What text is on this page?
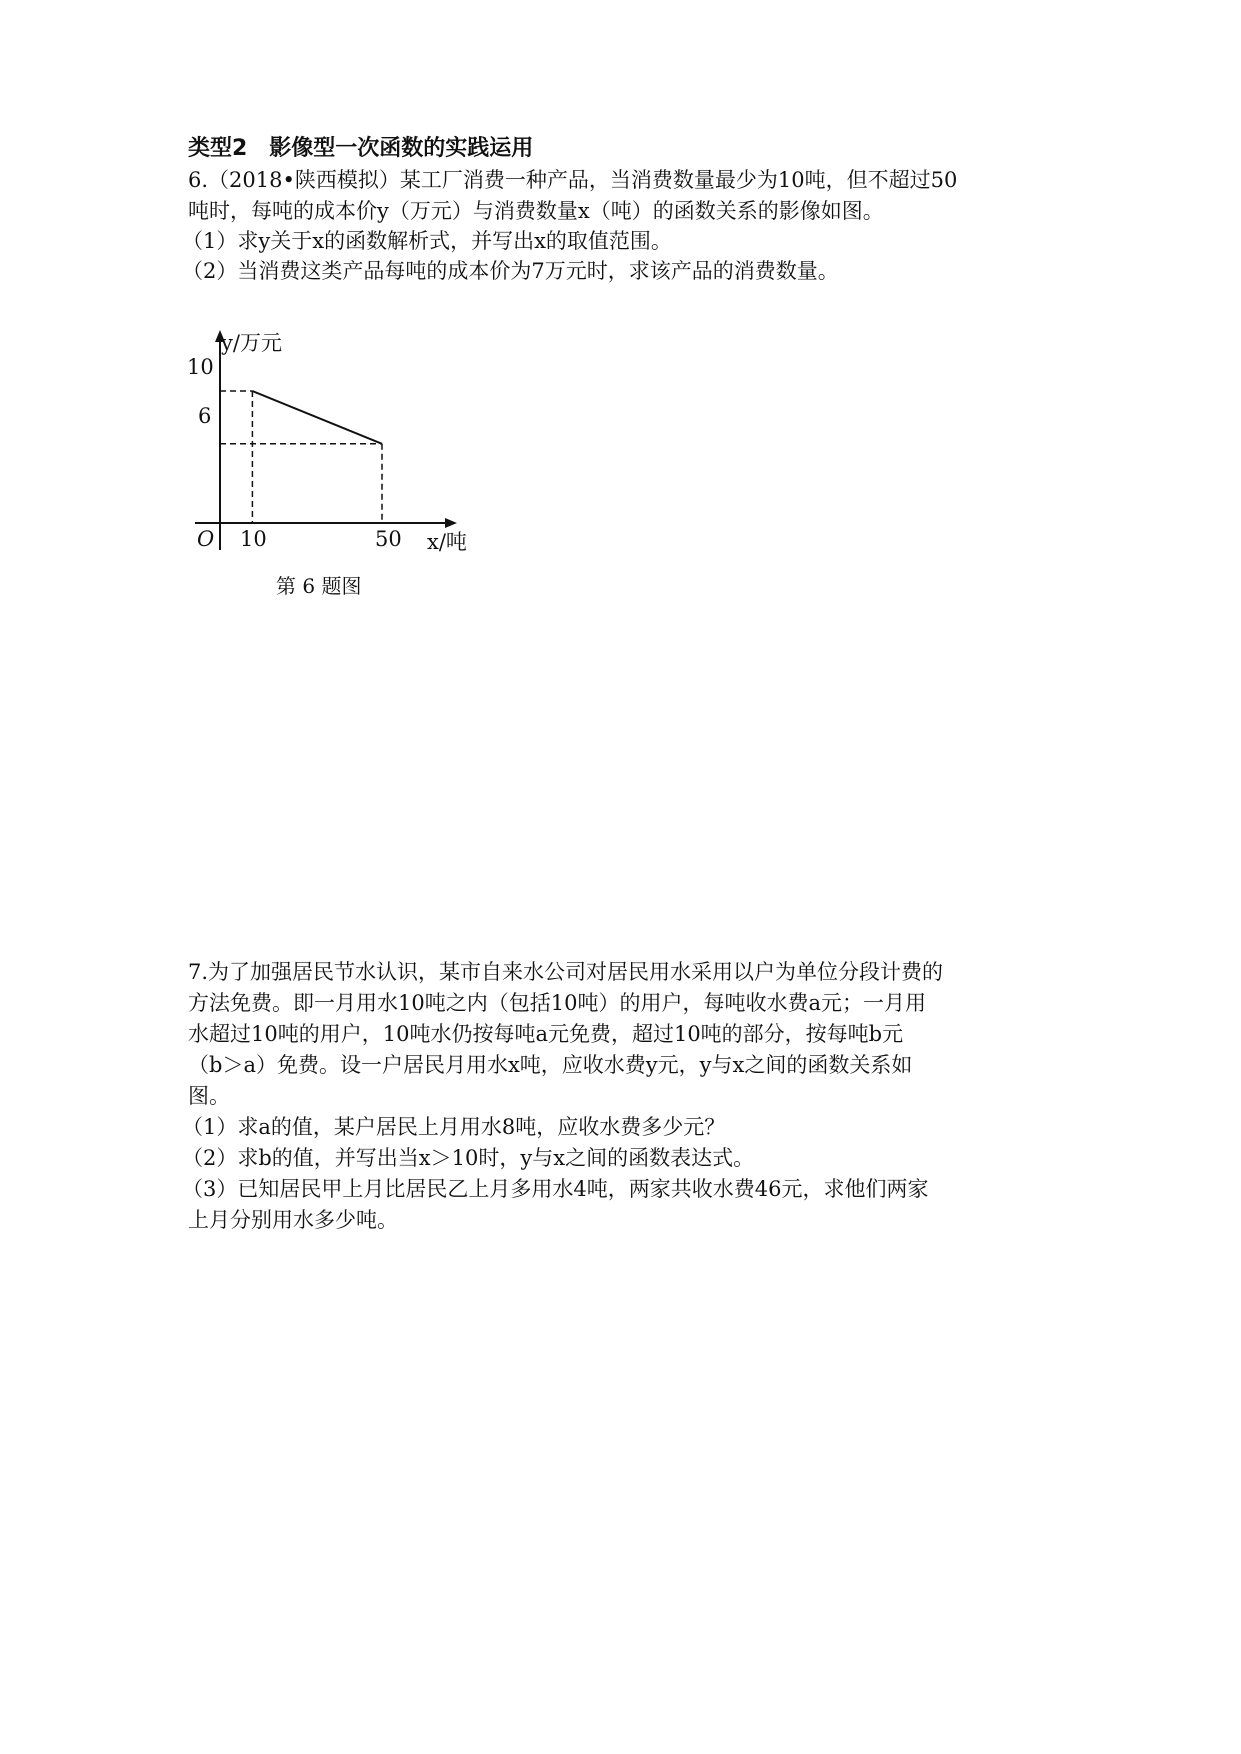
类型2　影像型一次函数的实践运用
6.（2018•陕西模拟）某工厂消费一种产品，当消费数量最少为10吨，但不超过50
吨时，每吨的成本价y（万元）与消费数量x（吨）的函数关系的影像如图。
（1）求y关于x的函数解析式，并写出x的取值范围。
（2）当消费这类产品每吨的成本价为7万元时，求该产品的消费数量。
y/万元
10
6
O 10	50 x/吨
第 6 题图
7.为了加强居民节水认识，某市自来水公司对居民用水采用以户为单位分段计费的
方法免费。即一月用水10吨之内（包括10吨）的用户，每吨收水费a元；一月用
水超过10吨的用户，10吨水仍按每吨a元免费，超过10吨的部分，按每吨b元
（b＞a）免费。设一户居民月用水x吨，应收水费y元，y与x之间的函数关系如
图。
（1）求a的值，某户居民上月用水8吨，应收水费多少元？
（2）求b的值，并写出当x＞10时，y与x之间的函数表达式。
（3）已知居民甲上月比居民乙上月多用水4吨，两家共收水费46元，求他们两家
上月分别用水多少吨。
